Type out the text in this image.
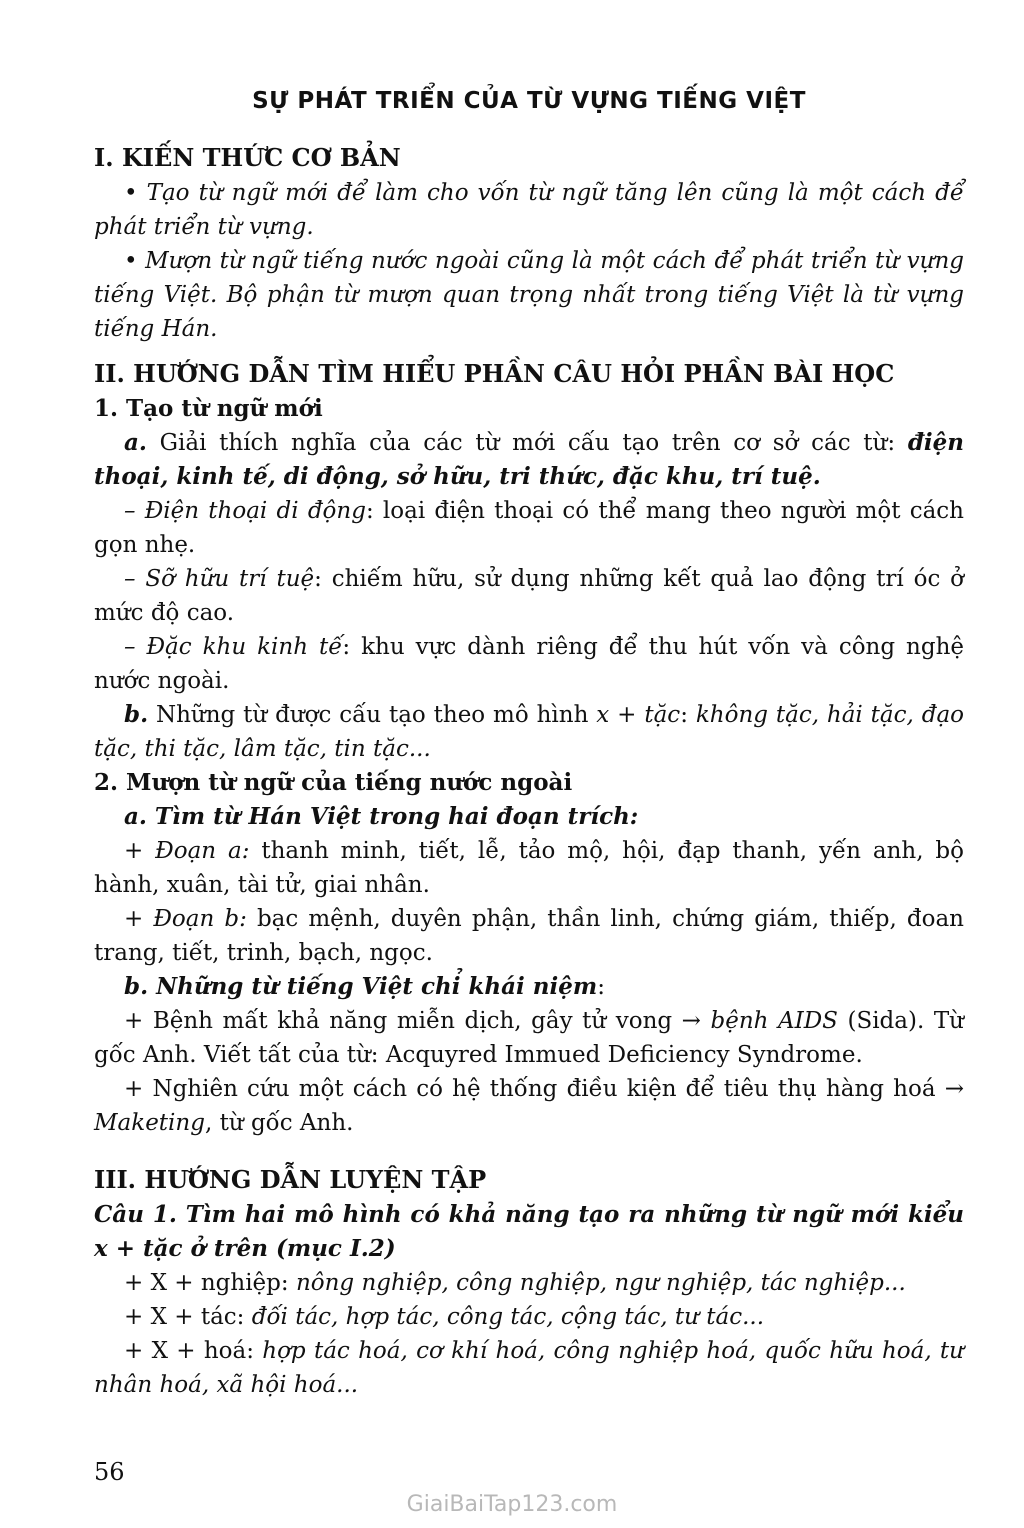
SỰ PHÁT TRIỂN CỦA TỪ VỰNG TIẾNG VIỆT
I. KIẾN THỨC CƠ BẢN

• Tạo từ ngữ mới để làm cho vốn từ ngữ tăng lên cũng là một cách để phát triển từ vựng.

• Mượn từ ngữ tiếng nước ngoài cũng là một cách để phát triển từ vựng tiếng Việt. Bộ phận từ mượn quan trọng nhất trong tiếng Việt là từ vựng tiếng Hán.

II. HƯỚNG DẪN TÌM HIỂU PHẦN CÂU HỎI PHẦN BÀI HỌC
1. Tạo từ ngữ mới

a. Giải thích nghĩa của các từ mới cấu tạo trên cơ sở các từ: điện thoại, kinh tế, di động, sở hữu, tri thức, đặc khu, trí tuệ.

– Điện thoại di động: loại điện thoại có thể mang theo người một cách gọn nhẹ.

– Sỡ hữu trí tuệ: chiếm hữu, sử dụng những kết quả lao động trí óc ở mức độ cao.

– Đặc khu kinh tế: khu vực dành riêng để thu hút vốn và công nghệ nước ngoài.

b. Những từ được cấu tạo theo mô hình x + tặc: không tặc, hải tặc, đạo tặc, thi tặc, lâm tặc, tin tặc...

2. Mượn từ ngữ của tiếng nước ngoài

a. Tìm từ Hán Việt trong hai đoạn trích:

+ Đoạn a: thanh minh, tiết, lễ, tảo mộ, hội, đạp thanh, yến anh, bộ hành, xuân, tài tử, giai nhân.

+ Đoạn b: bạc mệnh, duyên phận, thần linh, chứng giám, thiếp, đoan trang, tiết, trinh, bạch, ngọc.

b. Những từ tiếng Việt chỉ khái niệm:

+ Bệnh mất khả năng miễn dịch, gây tử vong → bệnh AIDS (Sida). Từ gốc Anh. Viết tất của từ: Acquyred Immued Deficiency Syndrome.

+ Nghiên cứu một cách có hệ thống điều kiện để tiêu thụ hàng hoá → Maketing, từ gốc Anh.

III. HƯỚNG DẪN LUYỆN TẬP

Câu 1. Tìm hai mô hình có khả năng tạo ra những từ ngữ mới kiểu x + tặc ở trên (mục I.2)

+ X + nghiệp: nông nghiệp, công nghiệp, ngư nghiệp, tác nghiệp...

+ X + tác: đối tác, hợp tác, công tác, cộng tác, tư tác...

+ X + hoá: hợp tác hoá, cơ khí hoá, công nghiệp hoá, quốc hữu hoá, tư nhân hoá, xã hội hoá...

56
GiaiBaiTap123.com
